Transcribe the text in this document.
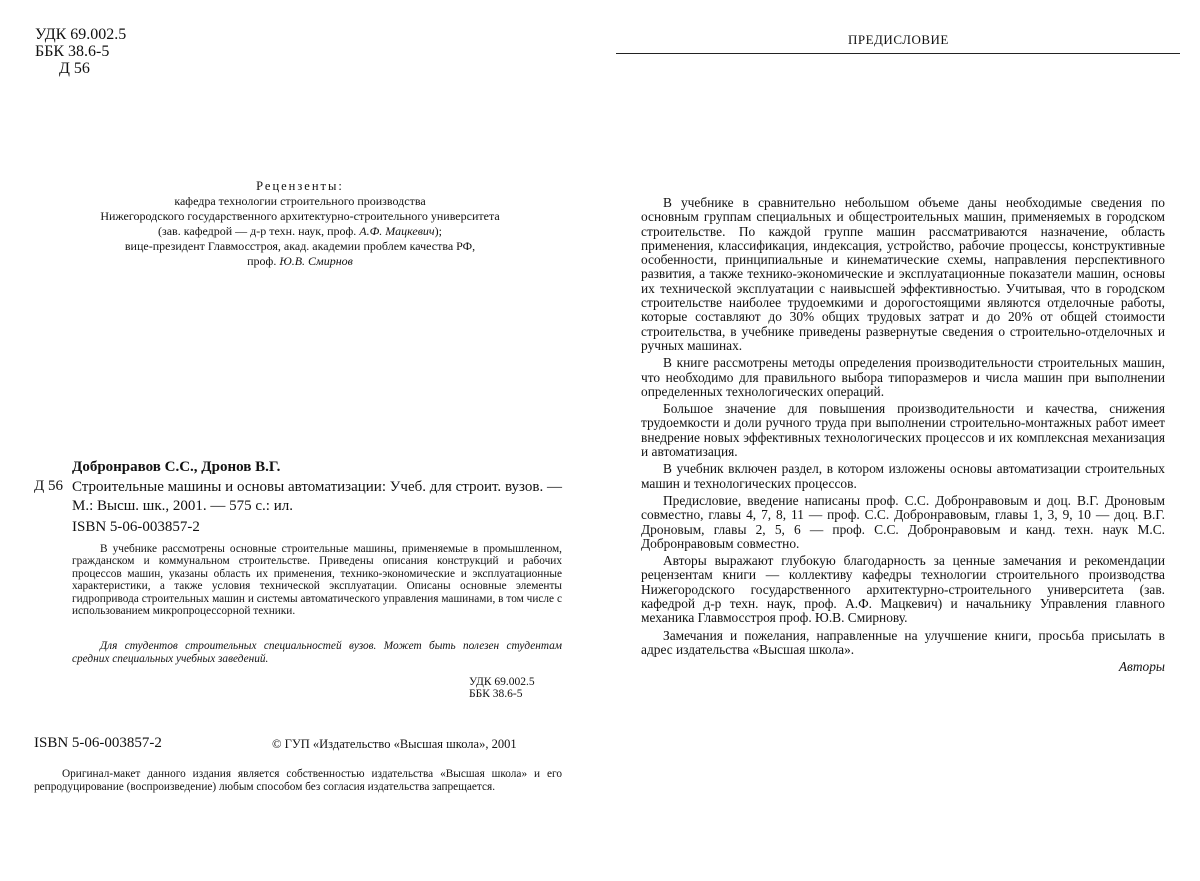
УДК 69.002.5
ББК 38.6-5
Д 56
Рецензенты:
кафедра технологии строительного производства
Нижегородского государственного архитектурно-строительного университета
(зав. кафедрой — д-р техн. наук, проф. А.Ф. Мацкевич);
вице-президент Главмосстроя, акад. академии проблем качества РФ,
проф. Ю.В. Смирнов
Добронравов С.С., Дронов В.Г.
Д 56 Строительные машины и основы автоматизации: Учеб. для строит. вузов. — М.: Высш. шк., 2001. — 575 с.: ил.
ISBN 5-06-003857-2
В учебнике рассмотрены основные строительные машины, применяемые в промышленном, гражданском и коммунальном строительстве. Приведены описания конструкций и рабочих процессов машин, указаны область их применения, технико-экономические и эксплуатационные характеристики, а также условия технической эксплуатации. Описаны основные элементы гидропривода строительных машин и системы автоматического управления машинами, в том числе с использованием микропроцессорной техники.
Для студентов строительных специальностей вузов. Может быть полезен студентам средних специальных учебных заведений.
УДК 69.002.5
ББК 38.6-5
ISBN 5-06-003857-2	© ГУП «Издательство «Высшая школа», 2001
Оригинал-макет данного издания является собственностью издательства «Высшая школа» и его репродуцирование (воспроизведение) любым способом без согласия издательства запрещается.
ПРЕДИСЛОВИЕ

В учебнике в сравнительно небольшом объеме даны необходимые сведения по основным группам специальных и общестроительных машин, применяемых в городском строительстве. По каждой группе машин рассматриваются назначение, область применения, классификация, индексация, устройство, рабочие процессы, конструктивные особенности, принципиальные и кинематические схемы, направления перспективного развития, а также технико-экономические и эксплуатационные показатели машин, основы их технической эксплуатации с наивысшей эффективностью. Учитывая, что в городском строительстве наиболее трудоемкими и дорогостоящими являются отделочные работы, которые составляют до 30% общих трудовых затрат и до 20% от общей стоимости строительства, в учебнике приведены развернутые сведения о строительно-отделочных и ручных машинах.

В книге рассмотрены методы определения производительности строительных машин, что необходимо для правильного выбора типоразмеров и числа машин при выполнении определенных технологических операций.

Большое значение для повышения производительности и качества, снижения трудоемкости и доли ручного труда при выполнении строительно-монтажных работ имеет внедрение новых эффективных технологических процессов и их комплексная механизация и автоматизация.

В учебник включен раздел, в котором изложены основы автоматизации строительных машин и технологических процессов.

Предисловие, введение написаны проф. С.С. Добронравовым и доц. В.Г. Дроновым совместно, главы 4, 7, 8, 11 — проф. С.С. Добронравовым, главы 1, 3, 9, 10 — доц. В.Г. Дроновым, главы 2, 5, 6 — проф. С.С. Добронравовым и канд. техн. наук М.С. Добронравовым совместно.

Авторы выражают глубокую благодарность за ценные замечания и рекомендации рецензентам книги — коллективу кафедры технологии строительного производства Нижегородского государственного архитектурно-строительного университета (зав. кафедрой д-р техн. наук, проф. А.Ф. Мацкевич) и начальнику Управления главного механика Главмосстроя проф. Ю.В. Смирнову.

Замечания и пожелания, направленные на улучшение книги, просьба присылать в адрес издательства «Высшая школа».

Авторы
